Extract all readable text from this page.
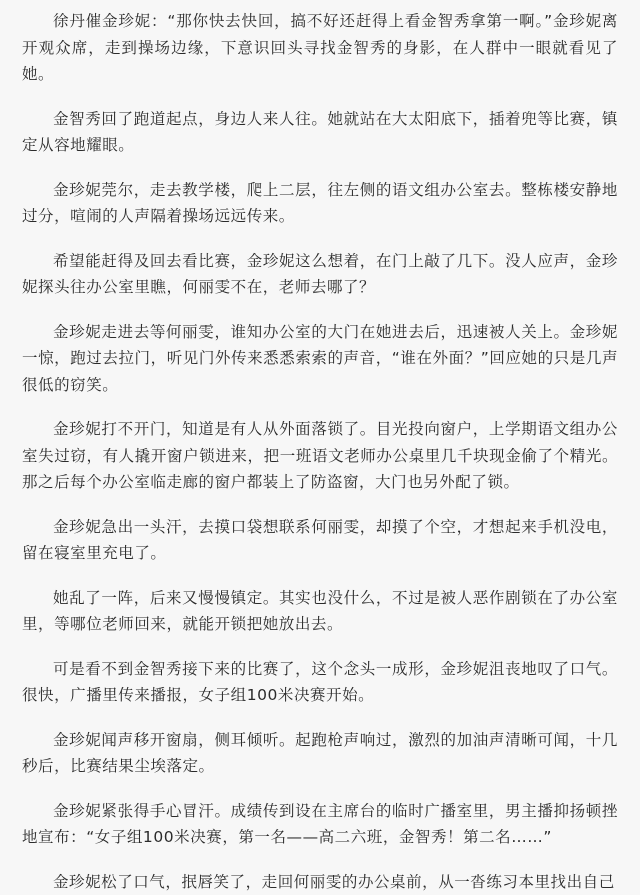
徐丹催金珍妮：“那你快去快回，搞不好还赶得上看金智秀拿第一啊。”金珍妮离开观众席，走到操场边缘，下意识回头寻找金智秀的身影，在人群中一眼就看见了她。

金智秀回了跑道起点，身边人来人往。她就站在大太阳底下，插着兜等比赛，镇定从容地耀眼。

金珍妮莞尔，走去教学楼，爬上二层，往左侧的语文组办公室去。整栋楼安静地过分，喧闹的人声隔着操场远远传来。

希望能赶得及回去看比赛，金珍妮这么想着，在门上敲了几下。没人应声，金珍妮探头往办公室里瞧，何丽雯不在，老师去哪了？

金珍妮走进去等何丽雯，谁知办公室的大门在她进去后，迅速被人关上。金珍妮一惊，跑过去拉门，听见门外传来悉悉索索的声音，“谁在外面？”回应她的只是几声很低的窃笑。

金珍妮打不开门，知道是有人从外面落锁了。目光投向窗户，上学期语文组办公室失过窃，有人撬开窗户锁进来，把一班语文老师办公桌里几千块现金偷了个精光。那之后每个办公室临走廊的窗户都装上了防盗窗，大门也另外配了锁。

金珍妮急出一头汗，去摸口袋想联系何丽雯，却摸了个空，才想起来手机没电，留在寝室里充电了。

她乱了一阵，后来又慢慢镇定。其实也没什么，不过是被人恶作剧锁在了办公室里，等哪位老师回来，就能开锁把她放出去。

可是看不到金智秀接下来的比赛了，这个念头一成形，金珍妮沮丧地叹了口气。很快，广播里传来播报，女子组100米决赛开始。

金珍妮闻声移开窗扇，侧耳倾听。起跑枪声响过，激烈的加油声清晰可闻，十几秒后，比赛结果尘埃落定。

金珍妮紧张得手心冒汗。成绩传到设在主席台的临时广播室里，男主播抑扬顿挫地宣布：“女子组100米决赛，第一名——高二六班，金智秀！第二名……”

金珍妮松了口气，抿唇笑了，走回何丽雯的办公桌前，从一沓练习本里找出自己
